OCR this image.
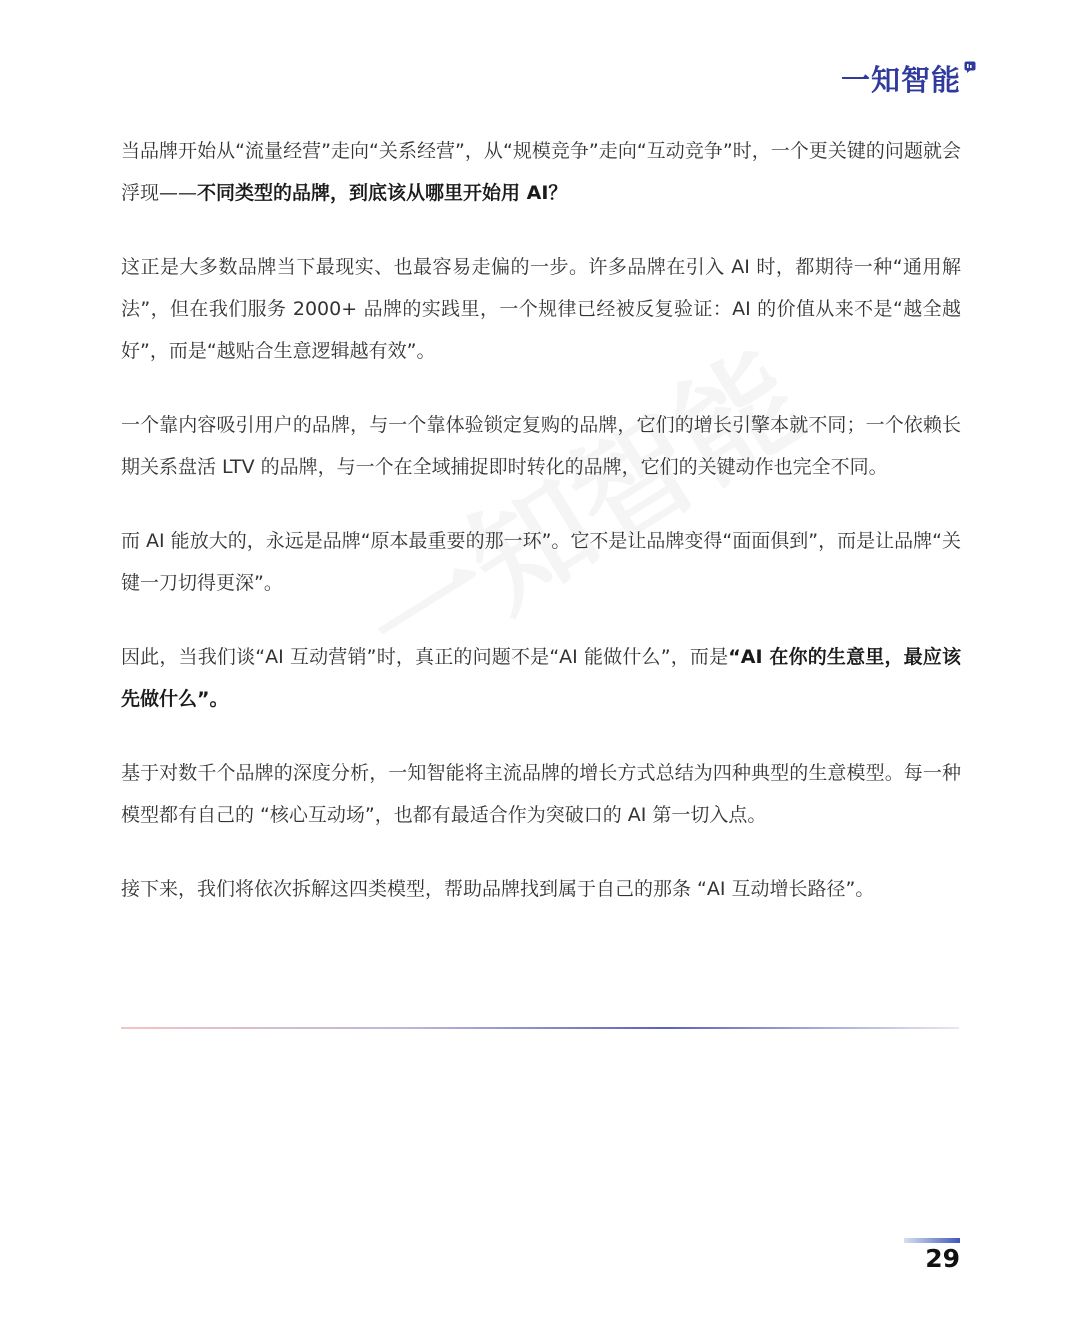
一知智能

当品牌开始从“流量经营”走向“关系经营”，从“规模竞争”走向“互动竞争”时，一个更关键的问题就会浮现——不同类型的品牌，到底该从哪里开始用 AI？

这正是大多数品牌当下最现实、也最容易走偏的一步。许多品牌在引入 AI 时，都期待一种“通用解法”，但在我们服务 2000+ 品牌的实践里，一个规律已经被反复验证：AI 的价值从来不是“越全越好”，而是“越贴合生意逻辑越有效”。

一个靠内容吸引用户的品牌，与一个靠体验锁定复购的品牌，它们的增长引擎本就不同；一个依赖长期关系盘活 LTV 的品牌，与一个在全域捕捉即时转化的品牌，它们的关键动作也完全不同。

而 AI 能放大的，永远是品牌“原本最重要的那一环”。它不是让品牌变得“面面俱到”，而是让品牌“关键一刀切得更深”。

因此，当我们谈“AI 互动营销”时，真正的问题不是“AI 能做什么”，而是“AI 在你的生意里，最应该先做什么”。

基于对数千个品牌的深度分析，一知智能将主流品牌的增长方式总结为四种典型的生意模型。每一种模型都有自己的 “核心互动场”，也都有最适合作为突破口的 AI 第一切入点。

接下来，我们将依次拆解这四类模型，帮助品牌找到属于自己的那条 “AI 互动增长路径”。

29
